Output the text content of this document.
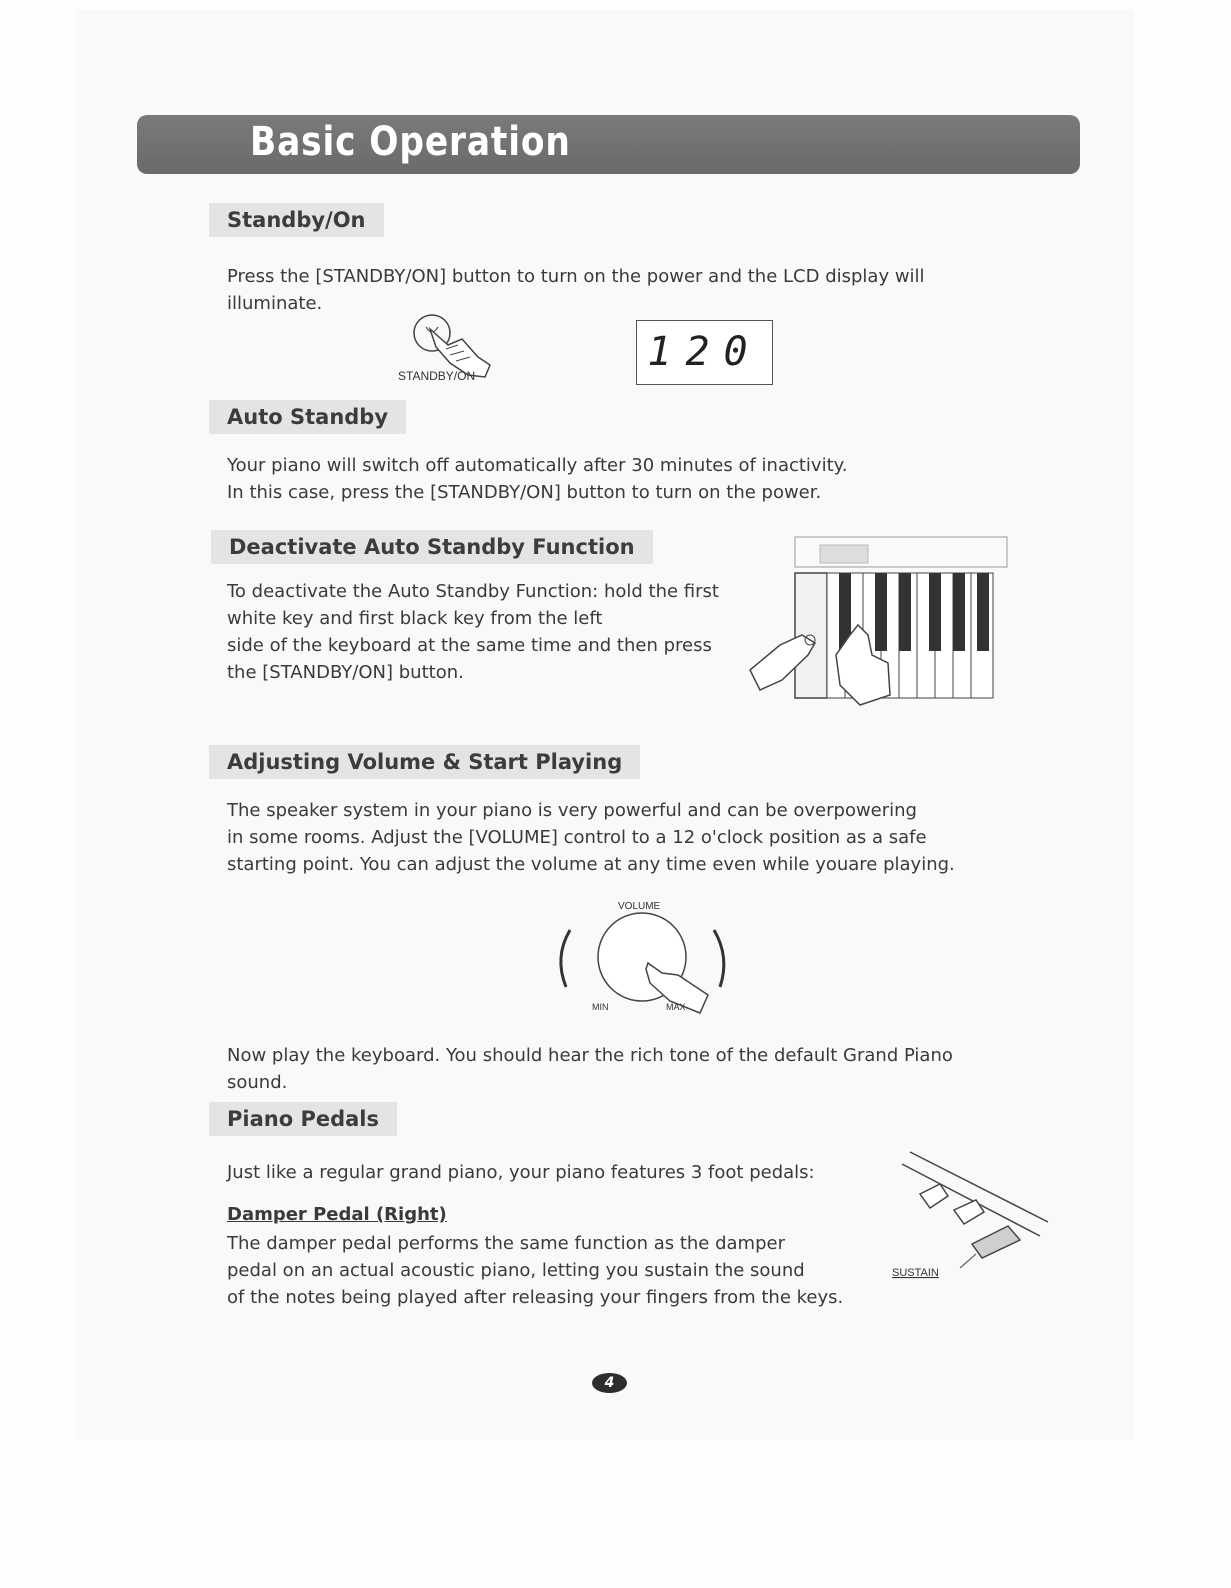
Basic Operation
Standby/On
Press the [STANDBY/ON] button to turn on the power and the LCD display will
illuminate.
STANDBY/ON
120
Auto Standby
Your piano will switch off automatically after 30 minutes of inactivity.
In this case, press the [STANDBY/ON] button to turn on the power.
Deactivate Auto Standby Function
To deactivate the Auto Standby Function: hold the first
white key and first black key from the left
side of the keyboard at the same time and then press
the [STANDBY/ON] button.
Adjusting Volume & Start Playing
The speaker system in your piano is very powerful and can be overpowering
in some rooms. Adjust the [VOLUME] control to a 12 o'clock position as a safe
starting point. You can adjust the volume at any time even while youare playing.
VOLUME
MIN	MAX
Now play the keyboard. You should hear the rich tone of the default Grand Piano
sound.
Piano Pedals
Just like a regular grand piano, your piano features 3 foot pedals:
Damper Pedal (Right)
The damper pedal performs the same function as the damper
pedal on an actual acoustic piano, letting you sustain the sound
of the notes being played after releasing your fingers from the keys.
SUSTAIN
4
